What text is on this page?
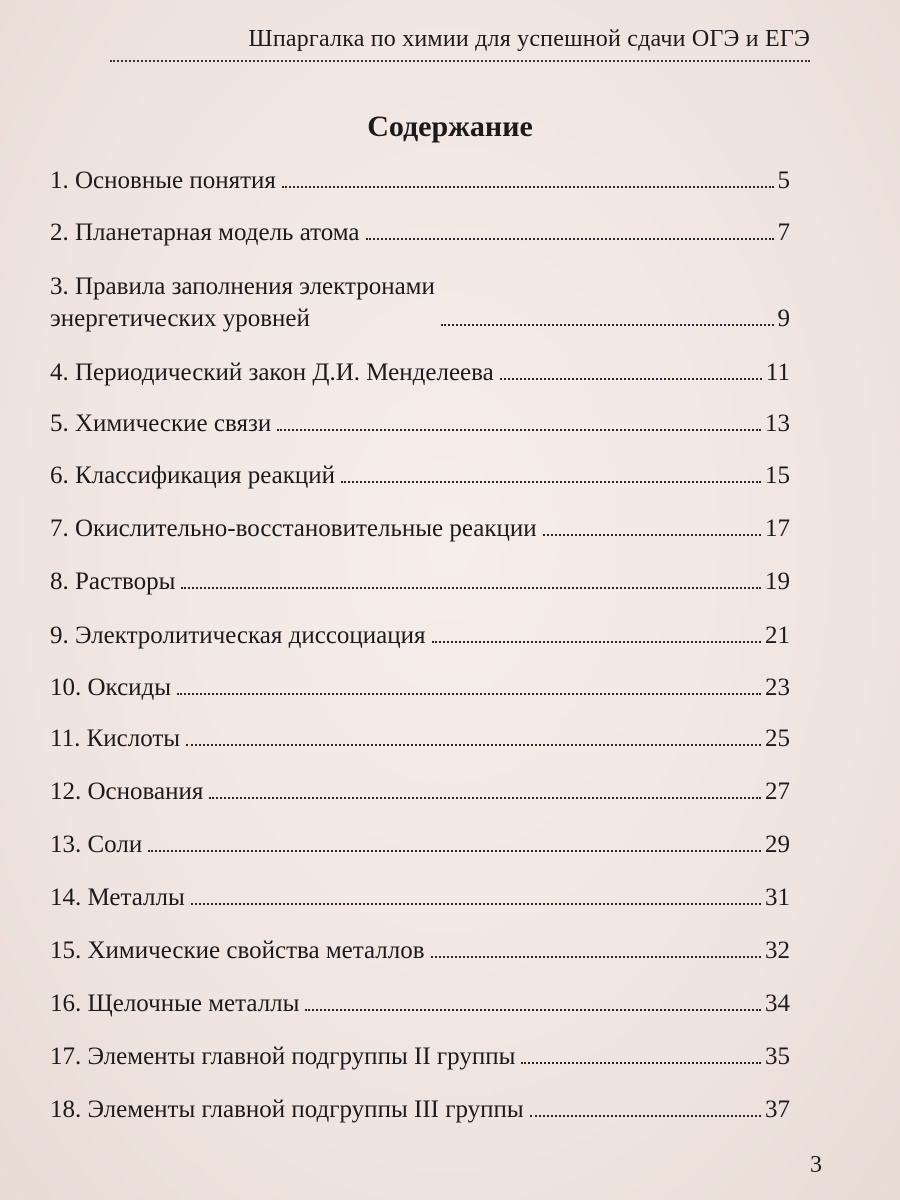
Шпаргалка по химии для успешной сдачи ОГЭ и ЕГЭ
Содержание
1. Основные понятия	5
2. Планетарная модель атома	7
3. Правила заполнения электронами
энергетических уровней	9
4. Периодический закон Д.И. Менделеева	11
5. Химические связи	13
6. Классификация реакций	15
7. Окислительно-восстановительные реакции	17
8. Растворы	19
9. Электролитическая диссоциация	21
10. Оксиды	23
11. Кислоты	25
12. Основания	27
13. Соли	29
14. Металлы	31
15. Химические свойства металлов	32
16. Щелочные металлы	34
17. Элементы главной подгруппы II группы	35
18. Элементы главной подгруппы III группы	37
3
